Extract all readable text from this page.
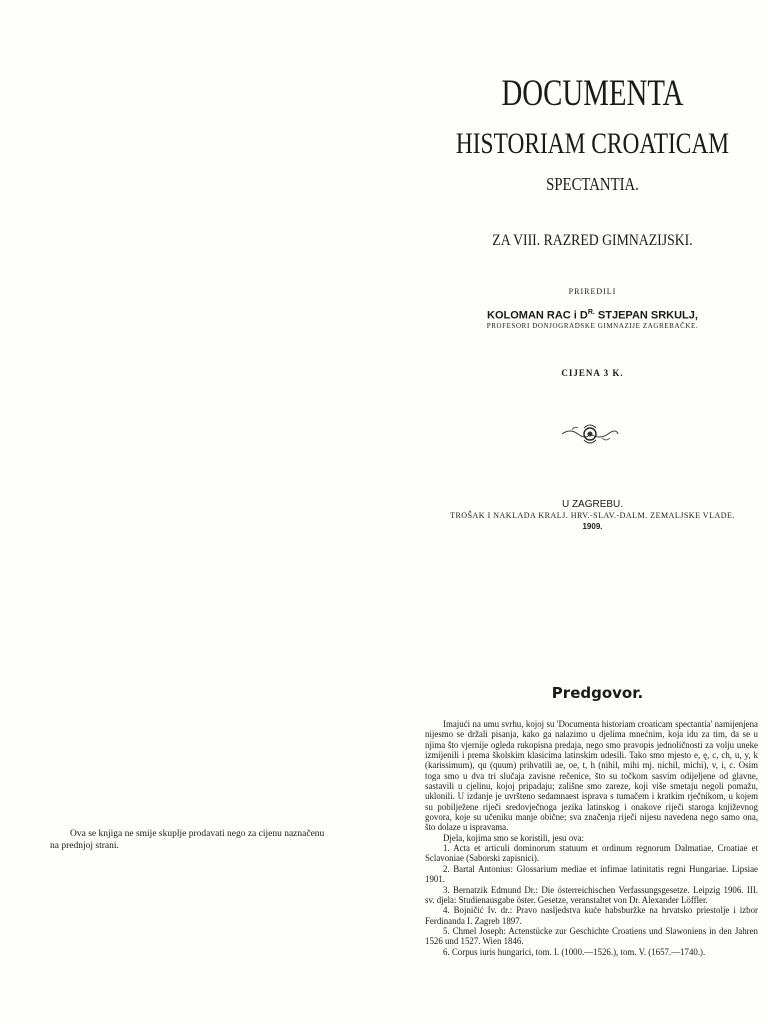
DOCUMENTA
HISTORIAM CROATICAM
SPECTANTIA.
ZA VIII. RAZRED GIMNAZIJSKI.
PRIREDILI
KOLOMAN RAC i $D^{R.}$ STJEPAN SRKULJ,
PROFESORI DONJOGRADSKE GIMNAZIJE ZAGREBAČKE.
CIJENA 3 K.
U ZAGREBU.
TROŠAK I NAKLADA KRALJ. HRV.-SLAV.-DALM. ZEMALJSKE VLADE.
1909.
Ova se knjiga ne smije skuplje prodavati nego za cijenu naznačenu
na prednjoj strani.
Predgovor.

Imajući na umu svrhu, kojoj su 'Documenta historiam croaticam spectantia' namijenjena nijesmo se držali pisanja, kako ga nalazimo u djelima mnećnim, koja idu za tim, da se u njima što vjernije ogleda rukopisna predaja, nego smo pravopis jednoličnosti za volju uneke izmijenili i prema školskim klasicima latinskim udesili. Tako smo mjesto e, ę, c, ch, u, y, k (karissimum), qu (quum) prihvatili ae, oe, t, h (nihil, mihi mj. nichil, michi), v, i, c. Osim toga smo u dva tri slučaja zavisne rečenice, što su točkom sasvim odijeljene od glavne, sastavili u cjelinu, kojoj pripadaju; zališne smo zareze, koji više smetaju negoli pomažu, uklonili. U izdanje je uvršteno sedamnaest isprava s tumačem i kratkim rječnikom, u kojem su pobilježene riječi sredovječnoga jezika latinskog i onakove riječi staroga književnog govora, koje su učeniku manje obične; sva značenja riječi nijesu navedena nego samo ona, što dolaze u ispravama.

Djela, kojima smo se koristili, jesu ova:

1. Acta et articuli dominorum statuum et ordinum regnorum Dalmatiae, Croatiae et Sclavoniae (Saborski zapisnici).
2. Bartal Antonius: Glossarium mediae et infimae latinitatis regni Hungariae. Lipsiae 1901.
3. Bernatzik Edmund Dr.: Die österreichischen Verfassungsgesetze. Leipzig 1906. III. sv. djela: Studienausgabe öster. Gesetze, veranstaltet von Dr. Alexander Löffler.
4. Bojničić Iv. dr.: Pravo nasljedstva kuće habsburžke na hrvatsko priestolje i izbor Ferdinanda I. Zagreb 1897.
5. Chmel Joseph: Actenstücke zur Geschichte Croatiens und Slawoniens in den Jahren 1526 und 1527. Wien 1846.
6. Corpus iuris hungarici, tom. I. (1000.—1526.), tom. V. (1657.—1740.).
